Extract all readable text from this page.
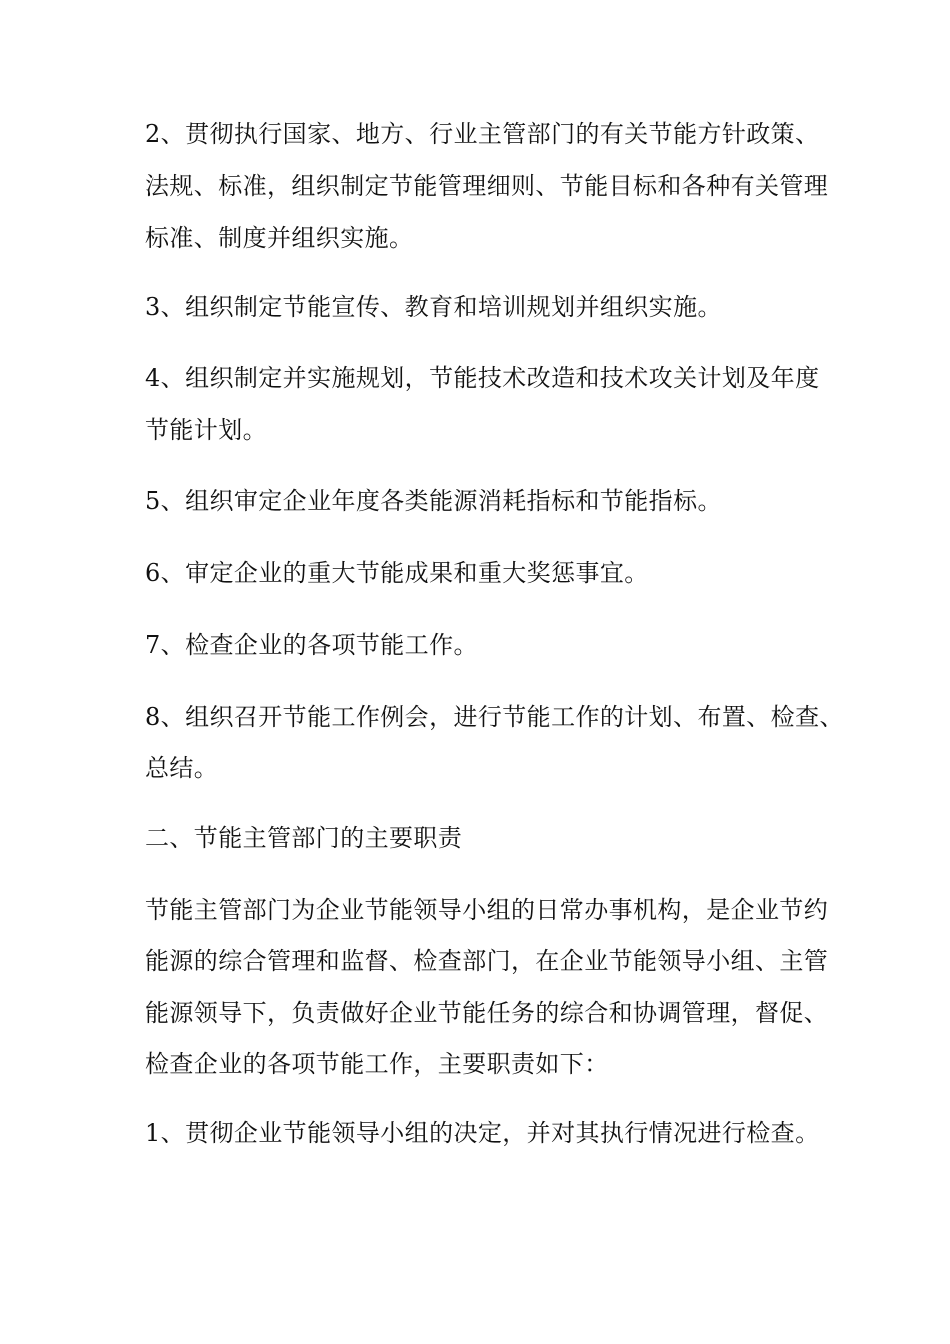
2、贯彻执行国家、地方、行业主管部门的有关节能方针政策、
法规、标准，组织制定节能管理细则、节能目标和各种有关管理
标准、制度并组织实施。
3、组织制定节能宣传、教育和培训规划并组织实施。
4、组织制定并实施规划，节能技术改造和技术攻关计划及年度
节能计划。
5、组织审定企业年度各类能源消耗指标和节能指标。
6、审定企业的重大节能成果和重大奖惩事宜。
7、检查企业的各项节能工作。
8、组织召开节能工作例会，进行节能工作的计划、布置、检查、
总结。
二、节能主管部门的主要职责
节能主管部门为企业节能领导小组的日常办事机构，是企业节约
能源的综合管理和监督、检查部门，在企业节能领导小组、主管
能源领导下，负责做好企业节能任务的综合和协调管理，督促、
检查企业的各项节能工作，主要职责如下：
1、贯彻企业节能领导小组的决定，并对其执行情况进行检查。
